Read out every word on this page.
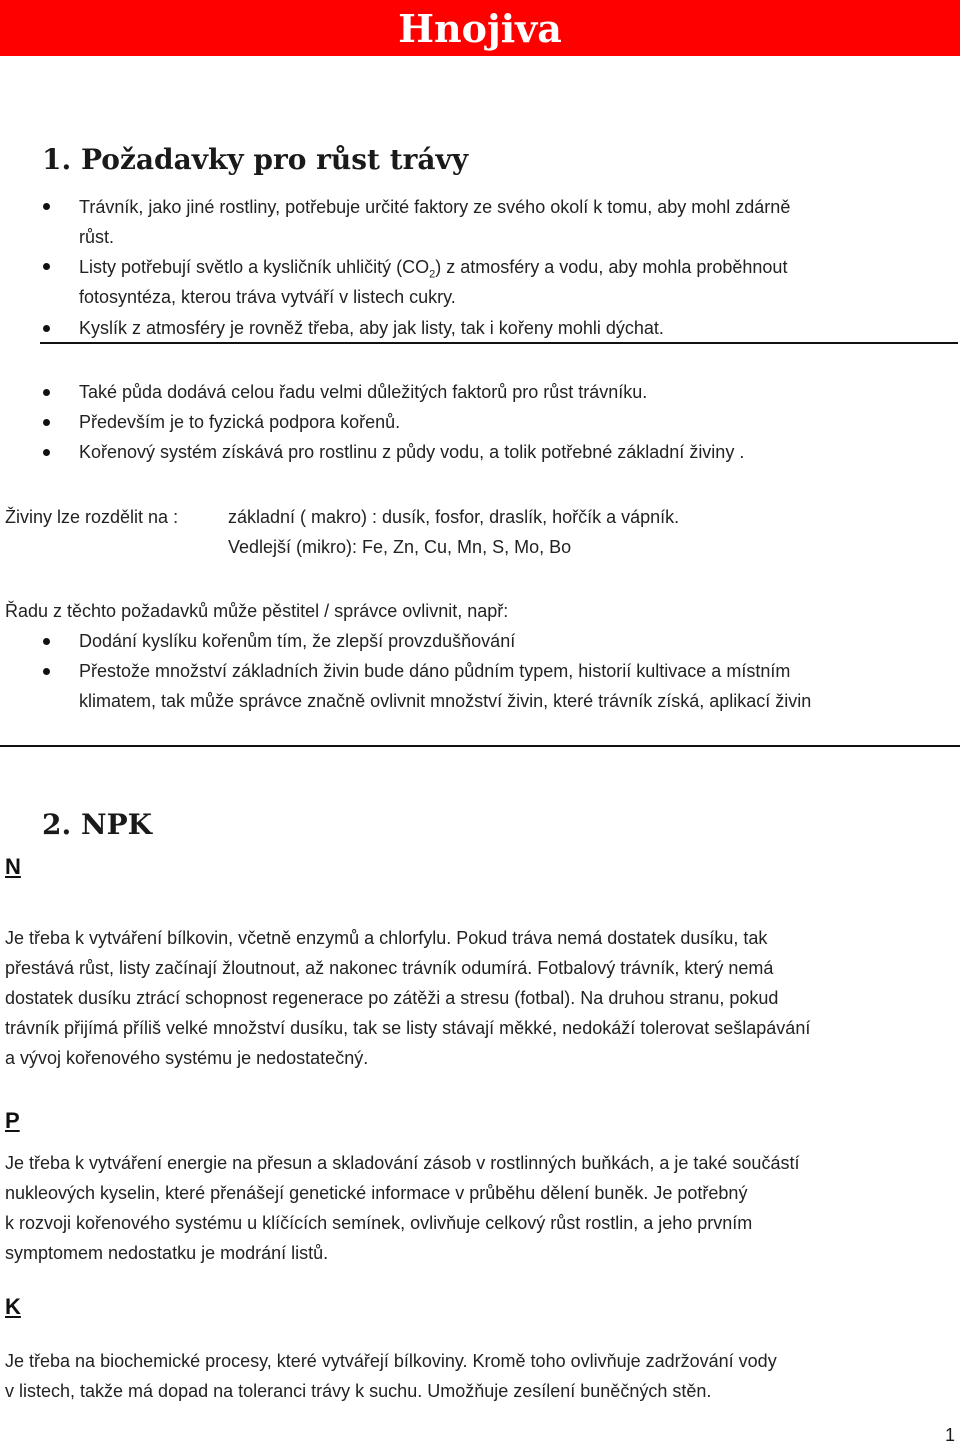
Hnojiva
1. Požadavky pro růst trávy
Trávník, jako jiné rostliny, potřebuje určité faktory ze svého okolí k tomu, aby mohl zdárně
růst.
Listy potřebují světlo a kysličník uhličitý $(CO_2)$ z atmosféry a vodu, aby mohla proběhnout
fotosyntéza, kterou tráva vytváří v listech cukry.
Kyslík z atmosféry je rovněž třeba, aby jak listy, tak i kořeny mohli dýchat.
Také půda dodává celou řadu velmi důležitých faktorů pro růst trávníku.
Především je to fyzická podpora kořenů.
Kořenový systém získává pro rostlinu z půdy vodu, a tolik potřebné základní živiny .
Živiny lze rozdělit na :	základní ( makro) : dusík, fosfor, draslík, hořčík a vápník.
Vedlejší (mikro): Fe, Zn, Cu, Mn, S, Mo, Bo
Řadu z těchto požadavků může pěstitel / správce ovlivnit, např:
Dodání kyslíku kořenům tím, že zlepší provzdušňování
Přestože množství základních živin bude dáno půdním typem, historií kultivace a místním
klimatem, tak může správce značně ovlivnit množství živin, které trávník získá, aplikací živin
2. NPK
N
Je třeba k vytváření bílkovin, včetně enzymů a chlorfylu. Pokud tráva nemá dostatek dusíku, tak
přestává růst, listy začínají žloutnout, až nakonec trávník odumírá. Fotbalový trávník, který nemá
dostatek dusíku ztrácí schopnost regenerace po zátěži a stresu (fotbal). Na druhou stranu, pokud
trávník přijímá příliš velké množství dusíku, tak se listy stávají měkké, nedokáží tolerovat sešlapávání
a vývoj kořenového systému je nedostatečný.
P
Je třeba k vytváření energie na přesun a skladování zásob v rostlinných buňkách, a je také součástí
nukleových kyselin, které přenášejí genetické informace v průběhu dělení buněk. Je potřebný
k rozvoji kořenového systému u klíčících semínek, ovlivňuje celkový růst rostlin, a jeho prvním
symptomem nedostatku je modrání listů.
K
Je třeba na biochemické procesy, které vytvářejí bílkoviny. Kromě toho ovlivňuje zadržování vody
v listech, takže má dopad na toleranci trávy k suchu. Umožňuje zesílení buněčných stěn.
1
